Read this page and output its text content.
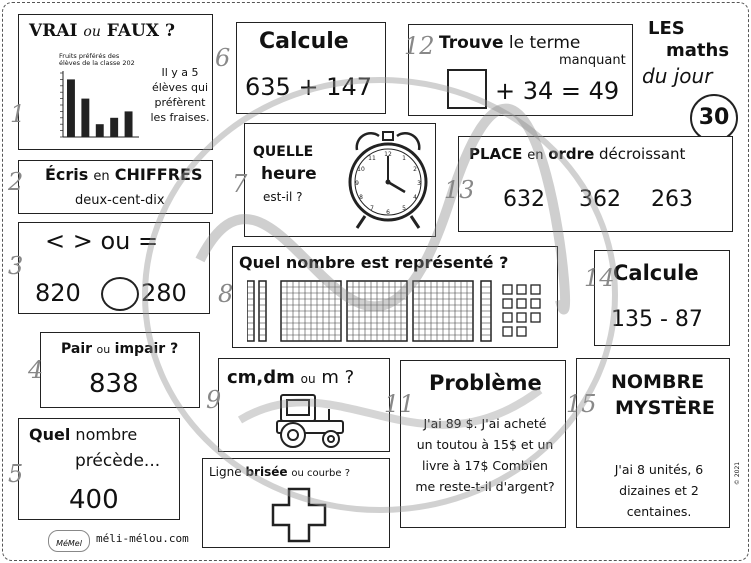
VRAI ou FAUX ?
Fruits préférés des élèves de la classe 202
Il y a 5 élèves qui préfèrent les fraises.
1
Calcule
635 + 147
6
Trouve le terme
manquant
+ 34 = 49
12
LES
maths
du jour
30
Écris en CHIFFRES
deux-cent-dix
2
QUELLE
heure
est-il ?
12
1
2
3
4
5
6
7
8
9
10
11
7
PLACE en ordre décroissant
632 362 263
13
< > ou =
820	280
3	Quel nombre est représenté ?
8
Calcule
135 - 87
14
Pair ou impair ?
838
4	cm,dm ou m ?
9
Problème
J'ai 89 $. J'ai acheté un toutou à 15$ et un livre à 17$ Combien me reste-t-il d'argent?
11
NOMBRE
MYSTÈRE
J'ai 8 unités, 6 dizaines et 2 centaines.
15
© 2021
Quel nombre
précède...
400
5	Ligne brisée ou courbe ?
MéMel	méli-mélou.com
